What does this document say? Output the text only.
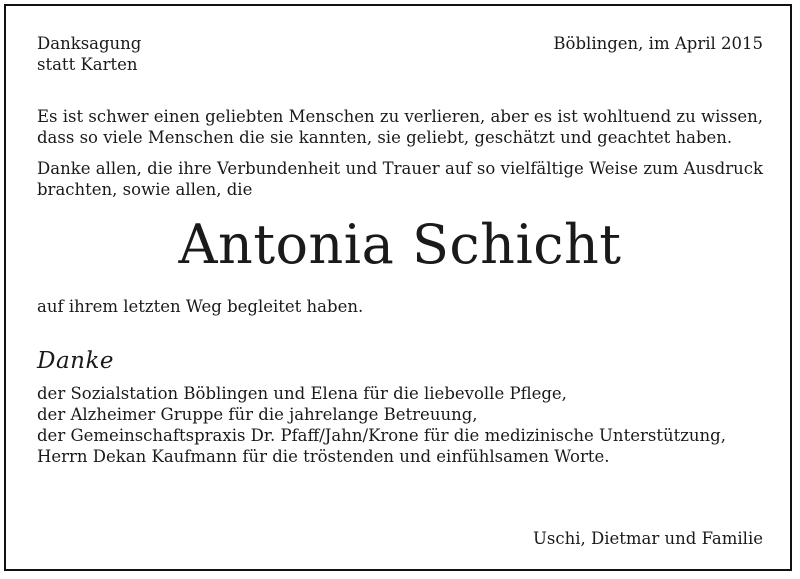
Danksagung
statt Karten
Böblingen, im April 2015

Es ist schwer einen geliebten Menschen zu verlieren, aber es ist wohltuend zu wissen, dass so viele Menschen die sie kannten, sie geliebt, geschätzt und geachtet haben.

Danke allen, die ihre Verbundenheit und Trauer auf so vielfältige Weise zum Ausdruck brachten, sowie allen, die

Antonia Schicht

auf ihrem letzten Weg begleitet haben.

Danke
der Sozialstation Böblingen und Elena für die liebevolle Pflege,
der Alzheimer Gruppe für die jahrelange Betreuung,
der Gemeinschaftspraxis Dr. Pfaff/Jahn/Krone für die medizinische Unterstützung,
Herrn Dekan Kaufmann für die tröstenden und einfühlsamen Worte.
Uschi, Dietmar und Familie
